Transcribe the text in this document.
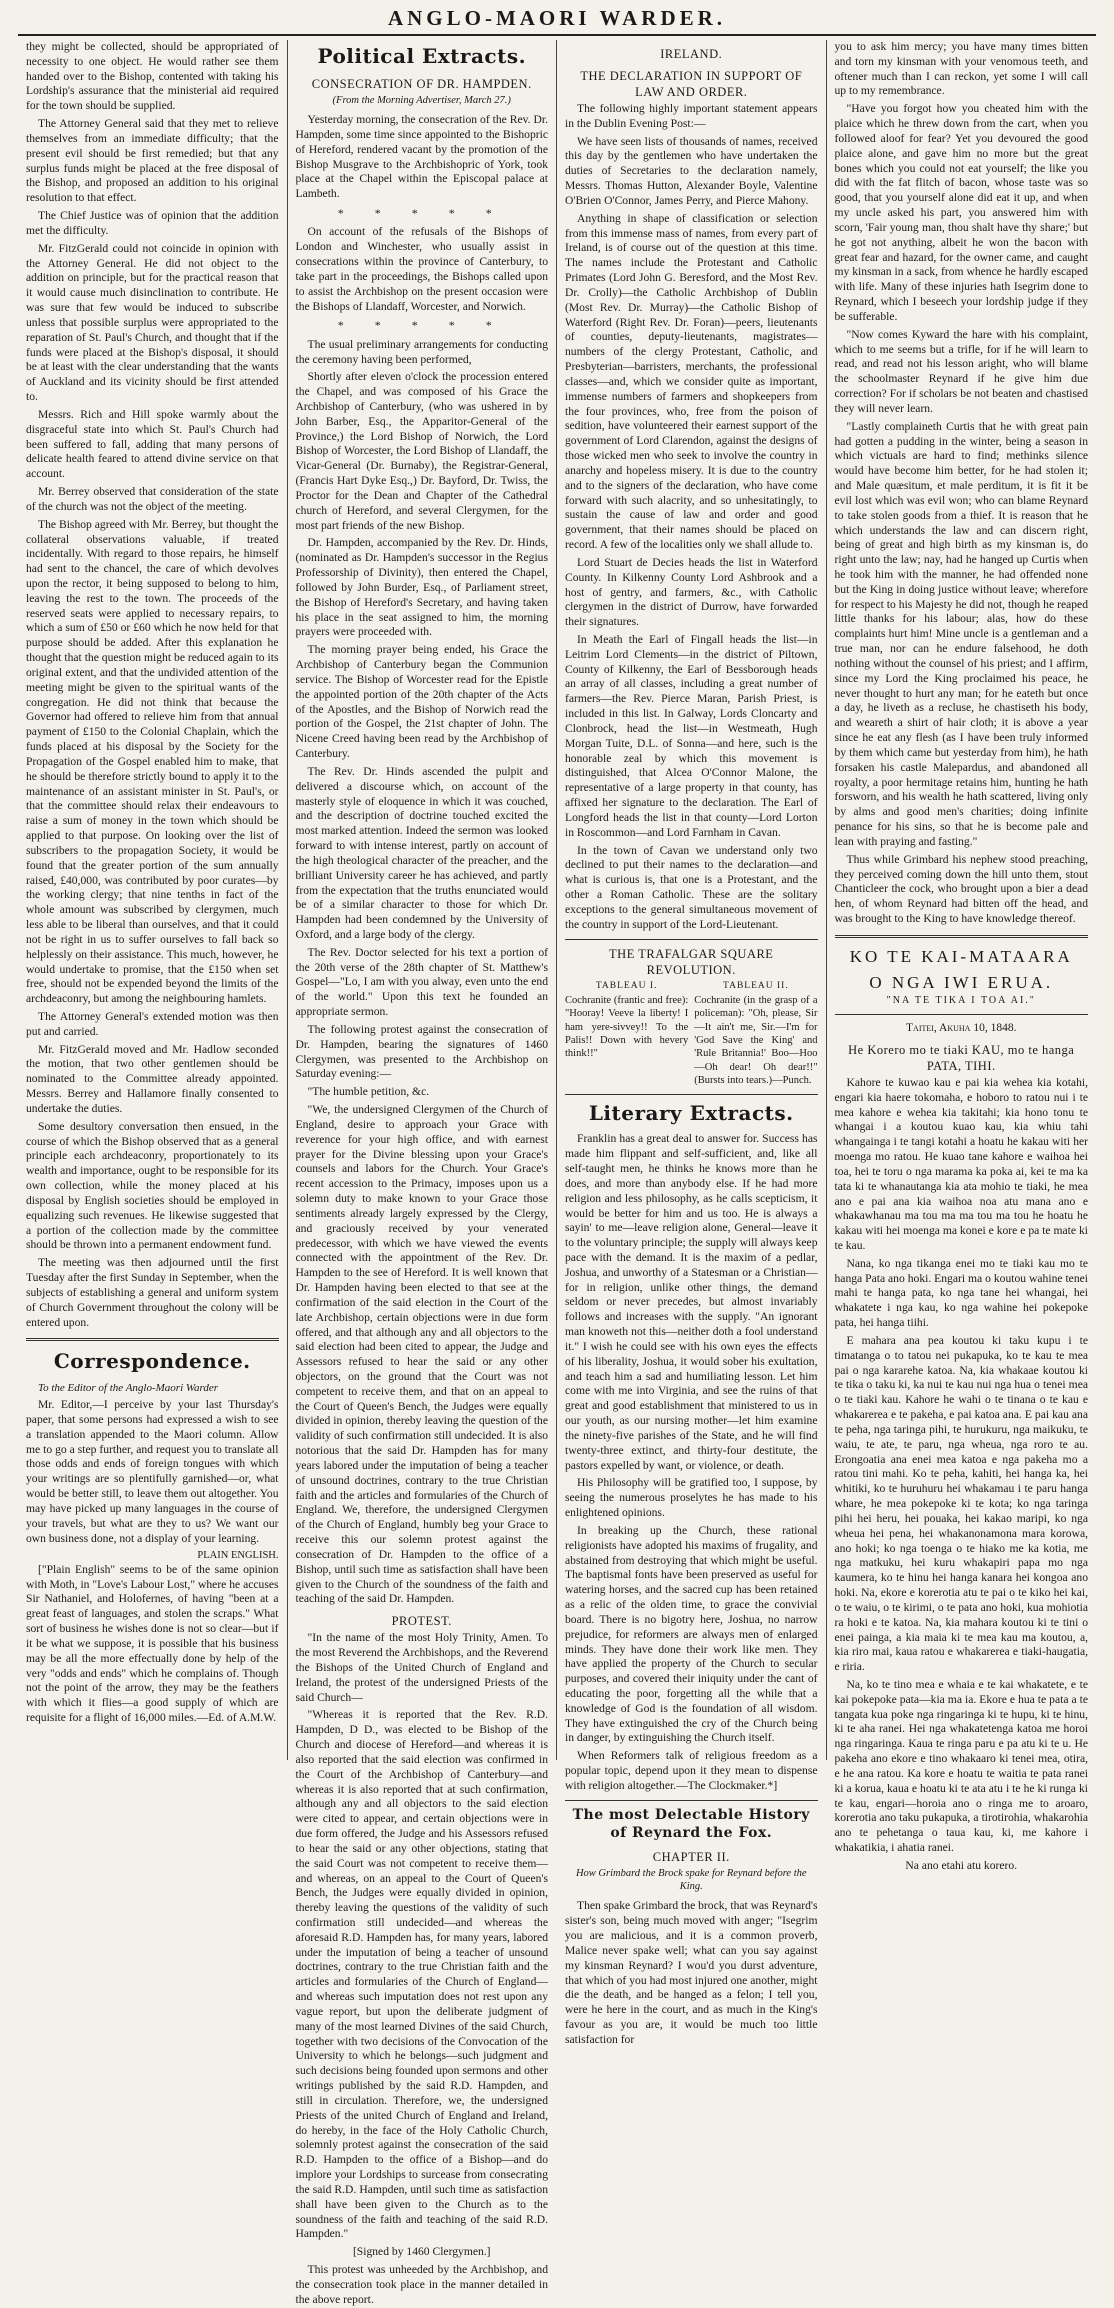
ANGLO-MAORI WARDER.

they might be collected, should be appropriated of necessity to one object. He would rather see them handed over to the Bishop, contented with taking his Lordship's assurance that the ministerial aid required for the town should be supplied.

The Attorney General said that they met to relieve themselves from an immediate difficulty; that the present evil should be first remedied; but that any surplus funds might be placed at the free disposal of the Bishop, and proposed an addition to his original resolution to that effect.

The Chief Justice was of opinion that the addition met the difficulty.

Mr. FitzGerald could not coincide in opinion with the Attorney General. He did not object to the addition on principle, but for the practical reason that it would cause much disinclination to contribute. He was sure that few would be induced to subscribe unless that possible surplus were appropriated to the reparation of St. Paul's Church, and thought that if the funds were placed at the Bishop's disposal, it should be at least with the clear understanding that the wants of Auckland and its vicinity should be first attended to.

Messrs. Rich and Hill spoke warmly about the disgraceful state into which St. Paul's Church had been suffered to fall, adding that many persons of delicate health feared to attend divine service on that account.

Mr. Berrey observed that consideration of the state of the church was not the object of the meeting.

The Bishop agreed with Mr. Berrey, but thought the collateral observations valuable, if treated incidentally. With regard to those repairs, he himself had sent to the chancel, the care of which devolves upon the rector, it being supposed to belong to him, leaving the rest to the town. The proceeds of the reserved seats were applied to necessary repairs, to which a sum of £50 or £60 which he now held for that purpose should be added. After this explanation he thought that the question might be reduced again to its original extent, and that the undivided attention of the meeting might be given to the spiritual wants of the congregation. He did not think that because the Governor had offered to relieve him from that annual payment of £150 to the Colonial Chaplain, which the funds placed at his disposal by the Society for the Propagation of the Gospel enabled him to make, that he should be therefore strictly bound to apply it to the maintenance of an assistant minister in St. Paul's, or that the committee should relax their endeavours to raise a sum of money in the town which should be applied to that purpose. On looking over the list of subscribers to the propagation Society, it would be found that the greater portion of the sum annually raised, £40,000, was contributed by poor curates—by the working clergy; that nine tenths in fact of the whole amount was subscribed by clergymen, much less able to be liberal than ourselves, and that it could not be right in us to suffer ourselves to fall back so helplessly on their assistance. This much, however, he would undertake to promise, that the £150 when set free, should not be expended beyond the limits of the archdeaconry, but among the neighbouring hamlets.

The Attorney General's extended motion was then put and carried.

Mr. FitzGerald moved and Mr. Hadlow seconded the motion, that two other gentlemen should be nominated to the Committee already appointed. Messrs. Berrey and Hallamore finally consented to undertake the duties.

Some desultory conversation then ensued, in the course of which the Bishop observed that as a general principle each archdeaconry, proportionately to its wealth and importance, ought to be responsible for its own collection, while the money placed at his disposal by English societies should be employed in equalizing such revenues. He likewise suggested that a portion of the collection made by the committee should be thrown into a permanent endowment fund.

The meeting was then adjourned until the first Tuesday after the first Sunday in September, when the subjects of establishing a general and uniform system of Church Government throughout the colony will be entered upon.

Correspondence.

To the Editor of the Anglo-Maori Warder

Mr. Editor,—I perceive by your last Thursday's paper, that some persons had expressed a wish to see a translation appended to the Maori column. Allow me to go a step further, and request you to translate all those odds and ends of foreign tongues with which your writings are so plentifully garnished—or, what would be better still, to leave them out altogether. You may have picked up many languages in the course of your travels, but what are they to us? We want our own business done, not a display of your learning.

PLAIN ENGLISH.

["Plain English" seems to be of the same opinion with Moth, in "Love's Labour Lost," where he accuses Sir Nathaniel, and Holofernes, of having "been at a great feast of languages, and stolen the scraps." What sort of business he wishes done is not so clear—but if it be what we suppose, it is possible that his business may be all the more effectually done by help of the very "odds and ends" which he complains of. Though not the point of the arrow, they may be the feathers with which it flies—a good supply of which are requisite for a flight of 16,000 miles.—Ed. of A.M.W.

Political Extracts.
CONSECRATION OF DR. HAMPDEN.
(From the Morning Advertiser, March 27.)

Yesterday morning, the consecration of the Rev. Dr. Hampden, some time since appointed to the Bishopric of Hereford, rendered vacant by the promotion of the Bishop Musgrave to the Archbishopric of York, took place at the Chapel within the Episcopal palace at Lambeth.

* * * * *

On account of the refusals of the Bishops of London and Winchester, who usually assist in consecrations within the province of Canterbury, to take part in the proceedings, the Bishops called upon to assist the Archbishop on the present occasion were the Bishops of Llandaff, Worcester, and Norwich.

* * * * *

The usual preliminary arrangements for conducting the ceremony having been performed,

Shortly after eleven o'clock the procession entered the Chapel, and was composed of his Grace the Archbishop of Canterbury, (who was ushered in by John Barber, Esq., the Apparitor-General of the Province,) the Lord Bishop of Norwich, the Lord Bishop of Worcester, the Lord Bishop of Llandaff, the Vicar-General (Dr. Burnaby), the Registrar-General, (Francis Hart Dyke Esq.,) Dr. Bayford, Dr. Twiss, the Proctor for the Dean and Chapter of the Cathedral church of Hereford, and several Clergymen, for the most part friends of the new Bishop.

Dr. Hampden, accompanied by the Rev. Dr. Hinds, (nominated as Dr. Hampden's successor in the Regius Professorship of Divinity), then entered the Chapel, followed by John Burder, Esq., of Parliament street, the Bishop of Hereford's Secretary, and having taken his place in the seat assigned to him, the morning prayers were proceeded with.

The morning prayer being ended, his Grace the Archbishop of Canterbury began the Communion service. The Bishop of Worcester read for the Epistle the appointed portion of the 20th chapter of the Acts of the Apostles, and the Bishop of Norwich read the portion of the Gospel, the 21st chapter of John. The Nicene Creed having been read by the Archbishop of Canterbury.

The Rev. Dr. Hinds ascended the pulpit and delivered a discourse which, on account of the masterly style of eloquence in which it was couched, and the description of doctrine touched excited the most marked attention. Indeed the sermon was looked forward to with intense interest, partly on account of the high theological character of the preacher, and the brilliant University career he has achieved, and partly from the expectation that the truths enunciated would be of a similar character to those for which Dr. Hampden had been condemned by the University of Oxford, and a large body of the clergy.

The Rev. Doctor selected for his text a portion of the 20th verse of the 28th chapter of St. Matthew's Gospel—"Lo, I am with you alway, even unto the end of the world." Upon this text he founded an appropriate sermon.

The following protest against the consecration of Dr. Hampden, bearing the signatures of 1460 Clergymen, was presented to the Archbishop on Saturday evening:—

"The humble petition, &c.

"We, the undersigned Clergymen of the Church of England, desire to approach your Grace with reverence for your high office, and with earnest prayer for the Divine blessing upon your Grace's counsels and labors for the Church. Your Grace's recent accession to the Primacy, imposes upon us a solemn duty to make known to your Grace those sentiments already largely expressed by the Clergy, and graciously received by your venerated predecessor, with which we have viewed the events connected with the appointment of the Rev. Dr. Hampden to the see of Hereford. It is well known that Dr. Hampden having been elected to that see at the confirmation of the said election in the Court of the late Archbishop, certain objections were in due form offered, and that although any and all objectors to the said election had been cited to appear, the Judge and Assessors refused to hear the said or any other objectors, on the ground that the Court was not competent to receive them, and that on an appeal to the Court of Queen's Bench, the Judges were equally divided in opinion, thereby leaving the question of the validity of such confirmation still undecided. It is also notorious that the said Dr. Hampden has for many years labored under the imputation of being a teacher of unsound doctrines, contrary to the true Christian faith and the articles and formularies of the Church of England. We, therefore, the undersigned Clergymen of the Church of England, humbly beg your Grace to receive this our solemn protest against the consecration of Dr. Hampden to the office of a Bishop, until such time as satisfaction shall have been given to the Church of the soundness of the faith and teaching of the said Dr. Hampden.

PROTEST.

"In the name of the most Holy Trinity, Amen. To the most Reverend the Archbishops, and the Reverend the Bishops of the United Church of England and Ireland, the protest of the undersigned Priests of the said Church—

"Whereas it is reported that the Rev. R.D. Hampden, D D., was elected to be Bishop of the Church and diocese of Hereford—and whereas it is also reported that the said election was confirmed in the Court of the Archbishop of Canterbury—and whereas it is also reported that at such confirmation, although any and all objectors to the said election were cited to appear, and certain objections were in due form offered, the Judge and his Assessors refused to hear the said or any other objections, stating that the said Court was not competent to receive them—and whereas, on an appeal to the Court of Queen's Bench, the Judges were equally divided in opinion, thereby leaving the questions of the validity of such confirmation still undecided—and whereas the aforesaid R.D. Hampden has, for many years, labored under the imputation of being a teacher of unsound doctrines, contrary to the true Christian faith and the articles and formularies of the Church of England—and whereas such imputation does not rest upon any vague report, but upon the deliberate judgment of many of the most learned Divines of the said Church, together with two decisions of the Convocation of the University to which he belongs—such judgment and such decisions being founded upon sermons and other writings published by the said R.D. Hampden, and still in circulation. Therefore, we, the undersigned Priests of the united Church of England and Ireland, do hereby, in the face of the Holy Catholic Church, solemnly protest against the consecration of the said R.D. Hampden to the office of a Bishop—and do implore your Lordships to surcease from consecrating the said R.D. Hampden, until such time as satisfaction shall have been given to the Church as to the soundness of the faith and teaching of the said R.D. Hampden."

[Signed by 1460 Clergymen.]

This protest was unheeded by the Archbishop, and the consecration took place in the manner detailed in the above report.

IRELAND.
THE DECLARATION IN SUPPORT OF LAW AND ORDER.

The following highly important statement appears in the Dublin Evening Post:—

We have seen lists of thousands of names, received this day by the gentlemen who have undertaken the duties of Secretaries to the declaration namely, Messrs. Thomas Hutton, Alexander Boyle, Valentine O'Brien O'Connor, James Perry, and Pierce Mahony.

Anything in shape of classification or selection from this immense mass of names, from every part of Ireland, is of course out of the question at this time. The names include the Protestant and Catholic Primates (Lord John G. Beresford, and the Most Rev. Dr. Crolly)—the Catholic Archbishop of Dublin (Most Rev. Dr. Murray)—the Catholic Bishop of Waterford (Right Rev. Dr. Foran)—peers, lieutenants of counties, deputy-lieutenants, magistrates—numbers of the clergy Protestant, Catholic, and Presbyterian—barristers, merchants, the professional classes—and, which we consider quite as important, immense numbers of farmers and shopkeepers from the four provinces, who, free from the poison of sedition, have volunteered their earnest support of the government of Lord Clarendon, against the designs of those wicked men who seek to involve the country in anarchy and hopeless misery. It is due to the country and to the signers of the declaration, who have come forward with such alacrity, and so unhesitatingly, to sustain the cause of law and order and good government, that their names should be placed on record. A few of the localities only we shall allude to.

Lord Stuart de Decies heads the list in Waterford County. In Kilkenny County Lord Ashbrook and a host of gentry, and farmers, &c., with Catholic clergymen in the district of Durrow, have forwarded their signatures.

In Meath the Earl of Fingall heads the list—in Leitrim Lord Clements—in the district of Piltown, County of Kilkenny, the Earl of Bessborough heads an array of all classes, including a great number of farmers—the Rev. Pierce Maran, Parish Priest, is included in this list. In Galway, Lords Cloncarty and Clonbrock, head the list—in Westmeath, Hugh Morgan Tuite, D.L. of Sonna—and here, such is the honorable zeal by which this movement is distinguished, that Alcea O'Connor Malone, the representative of a large property in that county, has affixed her signature to the declaration. The Earl of Longford heads the list in that county—Lord Lorton in Roscommon—and Lord Farnham in Cavan.

In the town of Cavan we understand only two declined to put their names to the declaration—and what is curious is, that one is a Protestant, and the other a Roman Catholic. These are the solitary exceptions to the general simultaneous movement of the country in support of the Lord-Lieutenant.

THE TRAFALGAR SQUARE REVOLUTION.
TABLEAU I.
Cochranite (frantic and free): "Hooray! Veeve la liberty! I ham yere-sivvey!! To the Palis!! Down with hevery think!!"
TABLEAU II.
Cochranite (in the grasp of a policeman): "Oh, please, Sir—It ain't me, Sir.—I'm for 'God Save the King' and 'Rule Britannia!' Boo—Hoo—Oh dear! Oh dear!!" (Bursts into tears.)—Punch.
Literary Extracts.

Franklin has a great deal to answer for. Success has made him flippant and self-sufficient, and, like all self-taught men, he thinks he knows more than he does, and more than anybody else. If he had more religion and less philosophy, as he calls scepticism, it would be better for him and us too. He is always a sayin' to me—leave religion alone, General—leave it to the voluntary principle; the supply will always keep pace with the demand. It is the maxim of a pedlar, Joshua, and unworthy of a Statesman or a Christian—for in religion, unlike other things, the demand seldom or never precedes, but almost invariably follows and increases with the supply. "An ignorant man knoweth not this—neither doth a fool understand it." I wish he could see with his own eyes the effects of his liberality, Joshua, it would sober his exultation, and teach him a sad and humiliating lesson. Let him come with me into Virginia, and see the ruins of that great and good establishment that ministered to us in our youth, as our nursing mother—let him examine the ninety-five parishes of the State, and he will find twenty-three extinct, and thirty-four destitute, the pastors expelled by want, or violence, or death.

His Philosophy will be gratified too, I suppose, by seeing the numerous proselytes he has made to his enlightened opinions.

In breaking up the Church, these rational religionists have adopted his maxims of frugality, and abstained from destroying that which might be useful. The baptismal fonts have been preserved as useful for watering horses, and the sacred cup has been retained as a relic of the olden time, to grace the convivial board. There is no bigotry here, Joshua, no narrow prejudice, for reformers are always men of enlarged minds. They have done their work like men. They have applied the property of the Church to secular purposes, and covered their iniquity under the cant of educating the poor, forgetting all the while that a knowledge of God is the foundation of all wisdom. They have extinguished the cry of the Church being in danger, by extinguishing the Church itself.

When Reformers talk of religious freedom as a popular topic, depend upon it they mean to dispense with religion altogether.—The Clockmaker.*]

The most Delectable History of Reynard the Fox.
CHAPTER II.
How Grimbard the Brock spake for Reynard before the King.

Then spake Grimbard the brock, that was Reynard's sister's son, being much moved with anger; "Isegrim you are malicious, and it is a common proverb, Malice never spake well; what can you say against my kinsman Reynard? I wou'd you durst adventure, that which of you had most injured one another, might die the death, and be hanged as a felon; I tell you, were he here in the court, and as much in the King's favour as you are, it would be much too little satisfaction for

you to ask him mercy; you have many times bitten and torn my kinsman with your venomous teeth, and oftener much than I can reckon, yet some I will call up to my remembrance.

"Have you forgot how you cheated him with the plaice which he threw down from the cart, when you followed aloof for fear? Yet you devoured the good plaice alone, and gave him no more but the great bones which you could not eat yourself; the like you did with the fat flitch of bacon, whose taste was so good, that you yourself alone did eat it up, and when my uncle asked his part, you answered him with scorn, 'Fair young man, thou shalt have thy share;' but he got not anything, albeit he won the bacon with great fear and hazard, for the owner came, and caught my kinsman in a sack, from whence he hardly escaped with life. Many of these injuries hath Isegrim done to Reynard, which I beseech your lordship judge if they be sufferable.

"Now comes Kyward the hare with his complaint, which to me seems but a trifle, for if he will learn to read, and read not his lesson aright, who will blame the schoolmaster Reynard if he give him due correction? For if scholars be not beaten and chastised they will never learn.

"Lastly complaineth Curtis that he with great pain had gotten a pudding in the winter, being a season in which victuals are hard to find; methinks silence would have become him better, for he had stolen it; and Male quæsitum, et male perditum, it is fit it be evil lost which was evil won; who can blame Reynard to take stolen goods from a thief. It is reason that he which understands the law and can discern right, being of great and high birth as my kinsman is, do right unto the law; nay, had he hanged up Curtis when he took him with the manner, he had offended none but the King in doing justice without leave; wherefore for respect to his Majesty he did not, though he reaped little thanks for his labour; alas, how do these complaints hurt him! Mine uncle is a gentleman and a true man, nor can he endure falsehood, he doth nothing without the counsel of his priest; and I affirm, since my Lord the King proclaimed his peace, he never thought to hurt any man; for he eateth but once a day, he liveth as a recluse, he chastiseth his body, and weareth a shirt of hair cloth; it is above a year since he eat any flesh (as I have been truly informed by them which came but yesterday from him), he hath forsaken his castle Malepardus, and abandoned all royalty, a poor hermitage retains him, hunting he hath forsworn, and his wealth he hath scattered, living only by alms and good men's charities; doing infinite penance for his sins, so that he is become pale and lean with praying and fasting."

Thus while Grimbard his nephew stood preaching, they perceived coming down the hill unto them, stout Chanticleer the cock, who brought upon a bier a dead hen, of whom Reynard had bitten off the head, and was brought to the King to have knowledge thereof.

KO TE KAI-MATAARA
O NGA IWI ERUA.
"NA TE TIKA I TOA AI."
Taitei, Akuha 10, 1848.
He Korero mo te tiaki KAU, mo te hanga PATA, TIHI.

Kahore te kuwao kau e pai kia wehea kia kotahi, engari kia haere tokomaha, e hoboro to ratou nui i te mea kahore e wehea kia takitahi; kia hono tonu te whangai i a koutou kuao kau, kia whiu tahi whangainga i te tangi kotahi a hoatu he kakau witi her moenga mo ratou. He kuao tane kahore e waihoa hei toa, hei te toru o nga marama ka poka ai, kei te ma ka tata ki te whanautanga kia ata mohio te tiaki, he mea ano e pai ana kia waihoa noa atu mana ano e whakawhanau ma tou ma ma tou ma tou he hoatu he kakau witi hei moenga ma konei e kore e pa te mate ki te kau.

Nana, ko nga tikanga enei mo te tiaki kau mo te hanga Pata ano hoki. Engari ma o koutou wahine tenei mahi te hanga pata, ko nga tane hei whangai, hei whakatete i nga kau, ko nga wahine hei pokepoke pata, hei hanga tiihi.

E mahara ana pea koutou ki taku kupu i te timatanga o to tatou nei pukapuka, ko te kau te mea pai o nga kararehe katoa. Na, kia whakaae koutou ki te tika o taku ki, ka nui te kau nui nga hua o tenei mea o te tiaki kau. Kahore he wahi o te tinana o te kau e whakarerea e te pakeha, e pai katoa ana. E pai kau ana te peha, nga taringa pihi, te hurukuru, nga maikuku, te waiu, te ate, te paru, nga wheua, nga roro te au. Erongoatia ana enei mea katoa e nga pakeha mo a ratou tini mahi. Ko te peha, kahiti, hei hanga ka, hei whitiki, ko te huruhuru hei whakamau i te paru hanga whare, he mea pokepoke ki te kota; ko nga taringa pihi hei heru, hei pouaka, hei kakao maripi, ko nga wheua hei pena, hei whakanonamona mara korowa, ano hoki; ko nga toenga o te hiako me ka kotia, me nga matkuku, hei kuru whakapiri papa mo nga kaumera, ko te hinu hei hanga kanara hei kongoa ano hoki. Na, ekore e korerotia atu te pai o te kiko hei kai, o te waiu, o te kirimi, o te pata ano hoki, kua mohiotia ra hoki e te katoa. Na, kia mahara koutou ki te tini o enei painga, a kia maia ki te mea kau ma koutou, a, kia riro mai, kaua ratou e whakarerea e tiaki-haugatia, e riria.

Na, ko te tino mea e whaia e te kai whakatete, e te kai pokepoke pata—kia ma ia. Ekore e hua te pata a te tangata kua poke nga ringaringa ki te hupu, ki te hinu, ki te aha ranei. Hei nga whakatetenga katoa me horoi nga ringaringa. Kaua te ringa paru e pa atu ki te u. He pakeha ano ekore e tino whakaaro ki tenei mea, otira, e he ana ratou. Ka kore e hoatu te waitia te pata ranei ki a korua, kaua e hoatu ki te ata atu i te he ki runga ki te kau, engari—horoia ano o ringa me to aroaro, korerotia ano taku pukapuka, a tirotirohia, whakarohia ano te pehetanga o taua kau, ki, me kahore i whakatikia, i ahatia ranei.

Na ano etahi atu korero.
